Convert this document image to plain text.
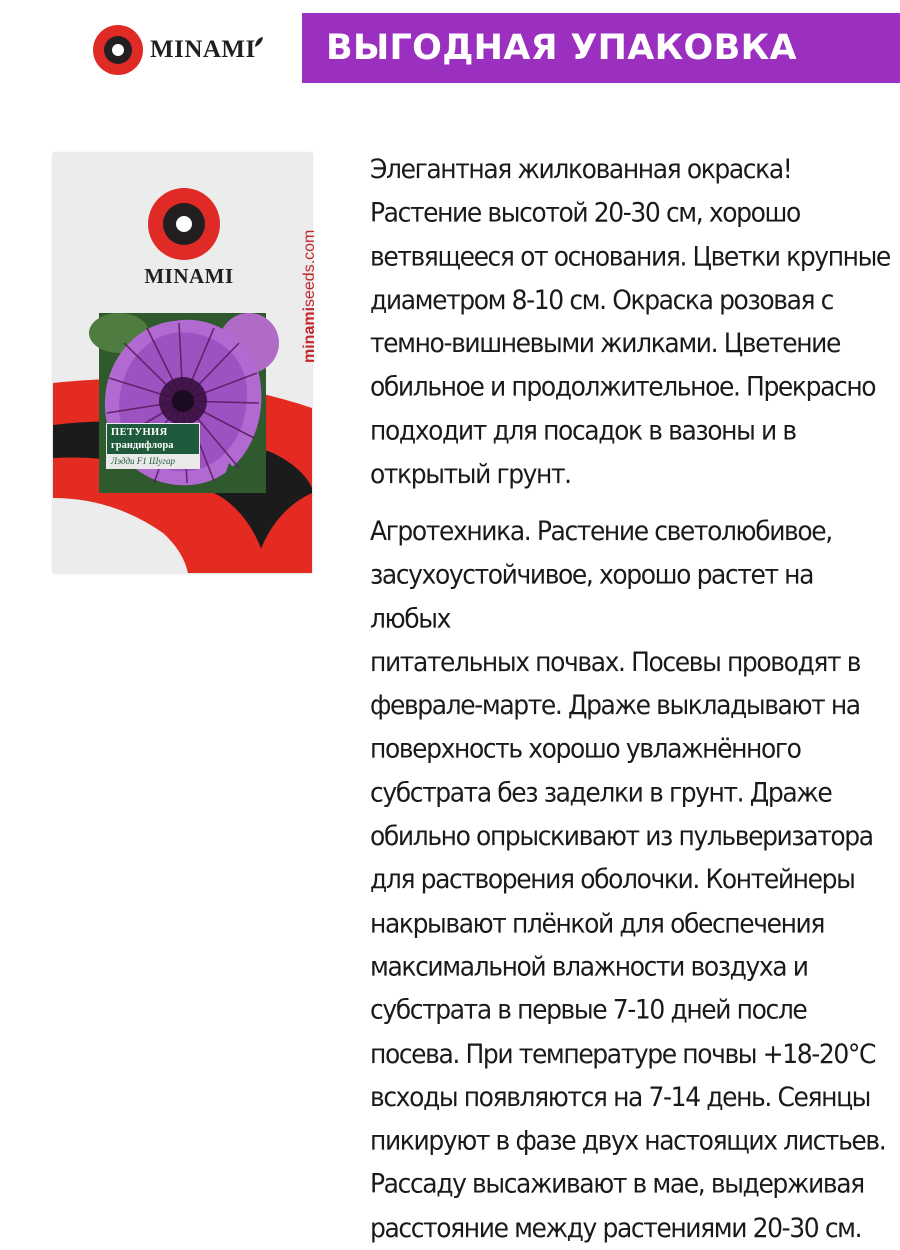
MINAMI	ВЫГОДНАЯ УПАКОВКА
MINAMI
ПЕТУНИЯ
грандифлора
Лэдди F1 Шугар
minamiseeds.com
Элегантная жилкованная окраска!
Растение высотой 20-30 см, хорошо
ветвящееся от основания. Цветки крупные
диаметром 8-10 см. Окраска розовая с
темно-вишневыми жилками. Цветение
обильное и продолжительное. Прекрасно
подходит для посадок в вазоны и в
открытый грунт.
Агротехника. Растение светолюбивое,
засухоустойчивое, хорошо растет на любых
питательных почвах. Посевы проводят в
феврале-марте. Драже выкладывают на
поверхность хорошо увлажнённого
субстрата без заделки в грунт. Драже
обильно опрыскивают из пульверизатора
для растворения оболочки. Контейнеры
накрывают плёнкой для обеспечения
максимальной влажности воздуха и
субстрата в первые 7-10 дней после
посева. При температуре почвы +18-20°C
всходы появляются на 7-14 день. Сеянцы
пикируют в фазе двух настоящих листьев.
Рассаду высаживают в мае, выдерживая
расстояние между растениями 20-30 см.
